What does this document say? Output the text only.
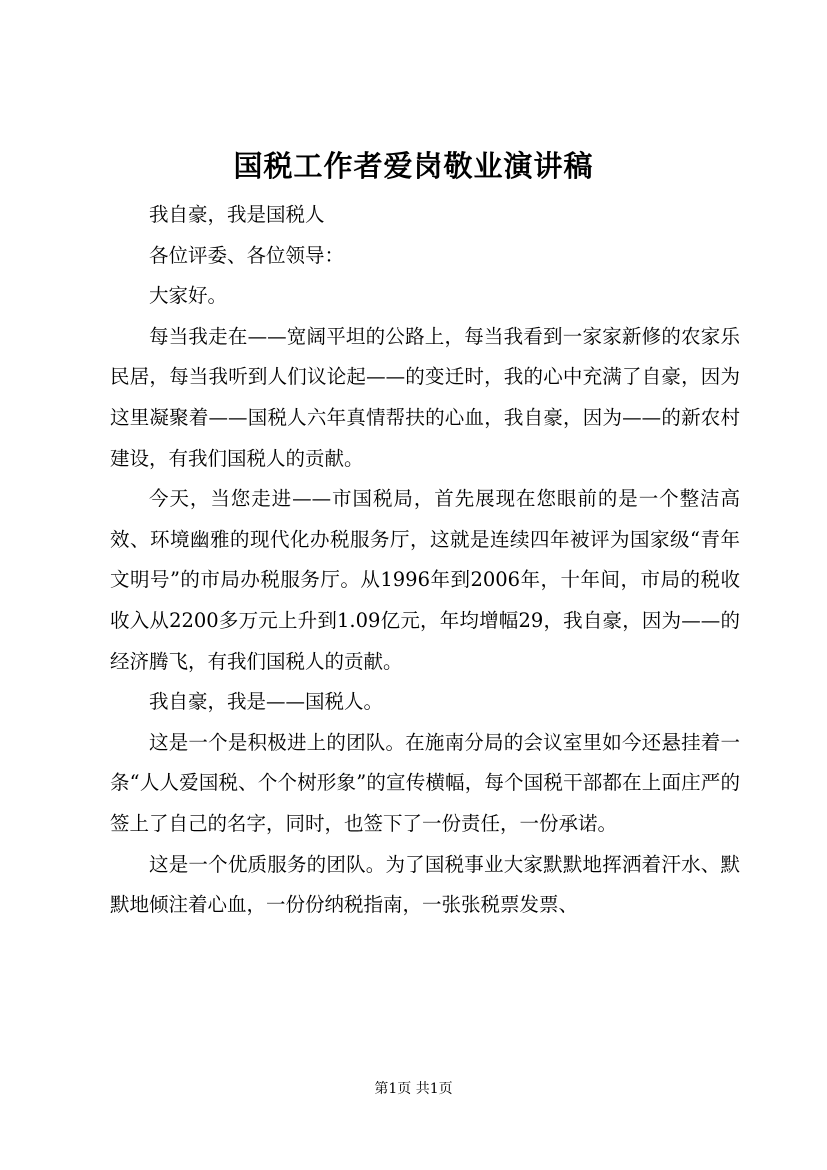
国税工作者爱岗敬业演讲稿

我自豪，我是国税人

各位评委、各位领导：

大家好。

每当我走在——宽阔平坦的公路上，每当我看到一家家新修的农家乐民居，每当我听到人们议论起——的变迁时，我的心中充满了自豪，因为这里凝聚着——国税人六年真情帮扶的心血，我自豪，因为——的新农村建设，有我们国税人的贡献。

今天，当您走进——市国税局，首先展现在您眼前的是一个整洁高效、环境幽雅的现代化办税服务厅，这就是连续四年被评为国家级“青年文明号”的市局办税服务厅。从1996年到2006年，十年间，市局的税收收入从2200多万元上升到1.09亿元，年均增幅29，我自豪，因为——的经济腾飞，有我们国税人的贡献。

我自豪，我是——国税人。

这是一个是积极进上的团队。在施南分局的会议室里如今还悬挂着一条“人人爱国税、个个树形象”的宣传横幅，每个国税干部都在上面庄严的签上了自己的名字，同时，也签下了一份责任，一份承诺。

这是一个优质服务的团队。为了国税事业大家默默地挥洒着汗水、默默地倾注着心血，一份份纳税指南，一张张税票发票、

第1页 共1页
